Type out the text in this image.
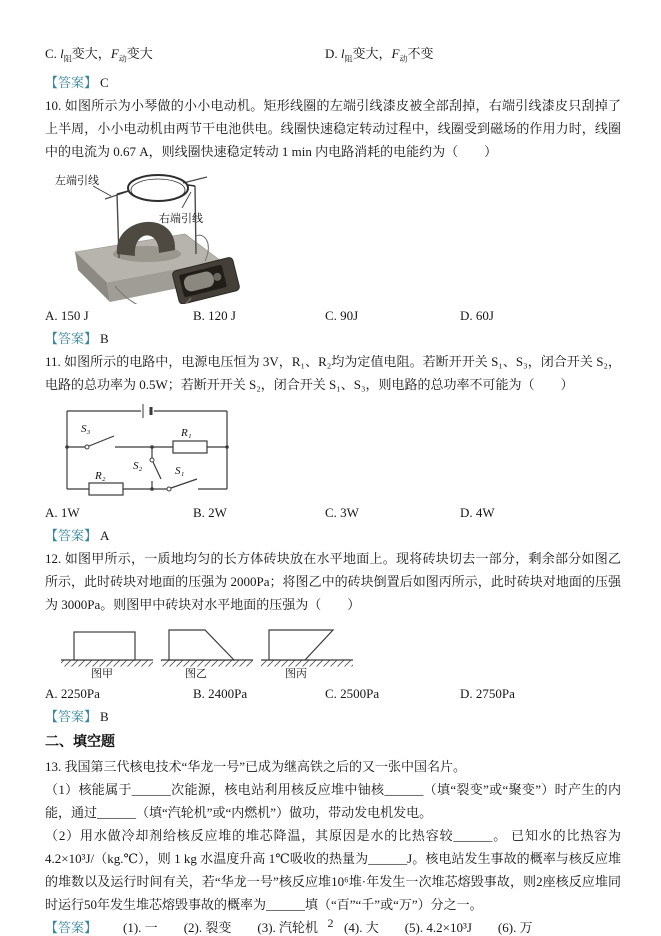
C. $l_阻$变大，$F_动$变大	D. $l_阻$变大，$F_动$不变

【答案】 C

10. 如图所示为小琴做的小小电动机。矩形线圈的左端引线漆皮被全部刮掉，右端引线漆皮只刮掉了上半周，小小电动机由两节干电池供电。线圈快速稳定转动过程中，线圈受到磁场的作用力时，线圈中的电流为 0.67 A，则线圈快速稳定转动 1 min 内电路消耗的电能约为（　　）

左端引线
右端引线
A. 150 J	B. 120 J	C. 90J	D. 60J

【答案】 B

11. 如图所示的电路中，电源电压恒为 3V，R₁、R₂均为定值电阻。若断开开关 S₁、S₃，闭合开关 S₂，电路的总功率为 0.5W；若断开开关 S₂，闭合开关 S₁、S₃，则电路的总功率不可能为（　　）

S₃	R₁
S₂
R₂	S₁
A. 1W	B. 2W	C. 3W	D. 4W

【答案】 A

12. 如图甲所示，一质地均匀的长方体砖块放在水平地面上。现将砖块切去一部分，剩余部分如图乙所示，此时砖块对地面的压强为 2000Pa；将图乙中的砖块倒置后如图丙所示，此时砖块对地面的压强为 3000Pa。则图甲中砖块对水平地面的压强为（　　）

图甲	图乙	图丙
A. 2250Pa	B. 2400Pa	C. 2500Pa	D. 2750Pa

【答案】 B

二、填空题

13. 我国第三代核电技术“华龙一号”已成为继高铁之后的又一张中国名片。

（1）核能属于______次能源，核电站利用核反应堆中铀核______（填“裂变”或“聚变”）时产生的内能，通过______（填“汽轮机”或“内燃机”）做功，带动发电机发电。

（2）用水做冷却剂给核反应堆的堆芯降温，其原因是水的比热容较______。 已知水的比热容为 4.2×10³J/（kg.℃），则 1 kg 水温度升高 1℃吸收的热量为______J。核电站发生事故的概率与核反应堆的堆数以及运行时间有关，若“华龙一号”核反应堆10⁶堆·年发生一次堆芯熔毁事故，则2座核反应堆同时运行50年发生堆芯熔毁事故的概率为______填（“百”“千”或“万”）分之一。

【答案】 (1). 一 (2). 裂变 (3). 汽轮机 (4). 大 (5). 4.2×10³J (6). 万
2
